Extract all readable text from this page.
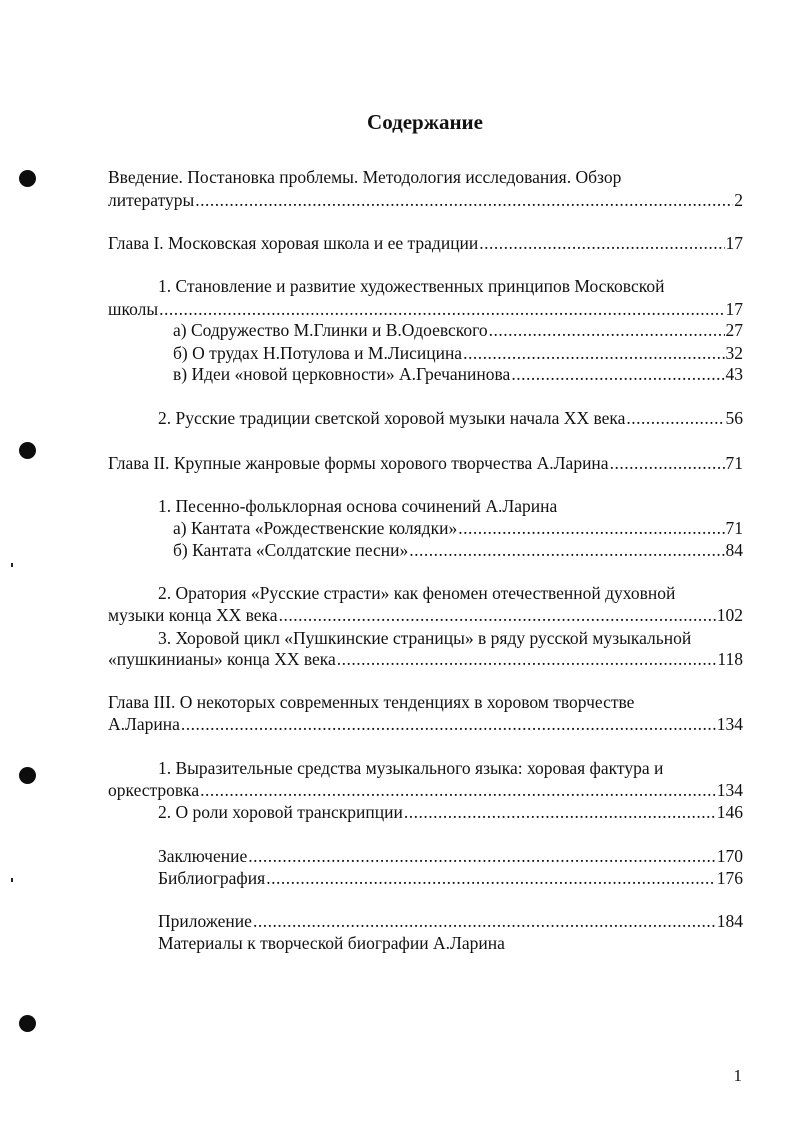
Содержание
Введение. Постановка проблемы. Методология исследования. Обзор
литературы .....	2
Глава I. Московская хоровая школа и ее традиции .....	17
1. Становление и развитие художественных принципов Московской
школы .....	17
а) Содружество М.Глинки и В.Одоевского .....	27
б) О трудах Н.Потулова и М.Лисицина .....	32
в) Идеи «новой церковности» А.Гречанинова .....	43
2. Русские традиции светской хоровой музыки начала XX века .....	56
Глава II. Крупные жанровые формы хорового творчества А.Ларина .....	71
1. Песенно-фольклорная основа сочинений А.Ларина
а) Кантата «Рождественские колядки» .....	71
б) Кантата «Солдатские песни» .....	84
2. Оратория «Русские страсти» как феномен отечественной духовной
музыки конца XX века .....	102
3. Хоровой цикл «Пушкинские страницы» в ряду русской музыкальной
«пушкинианы» конца XX века .....	118
Глава III. О некоторых современных тенденциях в хоровом творчестве
А.Ларина .....	134
1. Выразительные средства музыкального языка: хоровая фактура и
оркестровка .....	134
2. О роли хоровой транскрипции .....	146
Заключение .....	170
Библиография .....	176
Приложение .....	184
Материалы к творческой биографии А.Ларина
1
